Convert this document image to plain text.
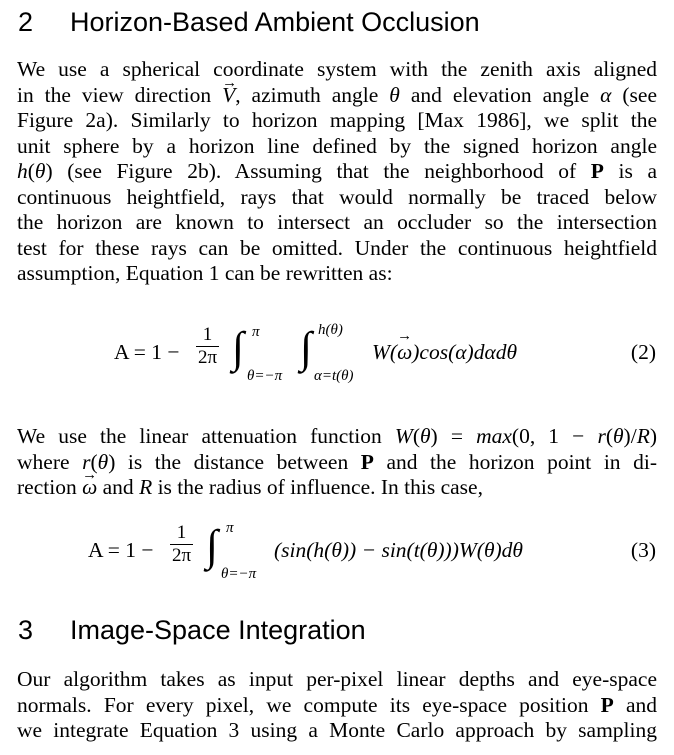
2 Horizon-Based Ambient Occlusion
We use a spherical coordinate system with the zenith axis aligned
in the view direction V →, azimuth angle θ and elevation angle α (see
Figure 2a). Similarly to horizon mapping [Max 1986], we split the
unit sphere by a horizon line defined by the signed horizon angle
h(θ) (see Figure 2b). Assuming that the neighborhood of P is a
continuous heightfield, rays that would normally be traced below
the horizon are known to intersect an occluder so the intersection
test for these rays can be omitted. Under the continuous heightfield
assumption, Equation 1 can be rewritten as:
$A = 1 - \frac{1}{2\pi}$ ∫ π
θ=−π
∫ h(θ)
α=t(θ)
W(ω →)cos(α)dαdθ	(2)
We use the linear attenuation function W(θ) = max(0, 1 − r(θ)/R)
where r(θ) is the distance between P and the horizon point in di-
rection ω → and R is the radius of influence. In this case,
$A = 1 - \frac{1}{2\pi}$ ∫ π
θ=−π
(sin(h(θ)) − sin(t(θ)))W(θ)dθ	(3)
3 Image-Space Integration
Our algorithm takes as input per-pixel linear depths and eye-space
normals. For every pixel, we compute its eye-space position P and
we integrate Equation 3 using a Monte Carlo approach by sampling
